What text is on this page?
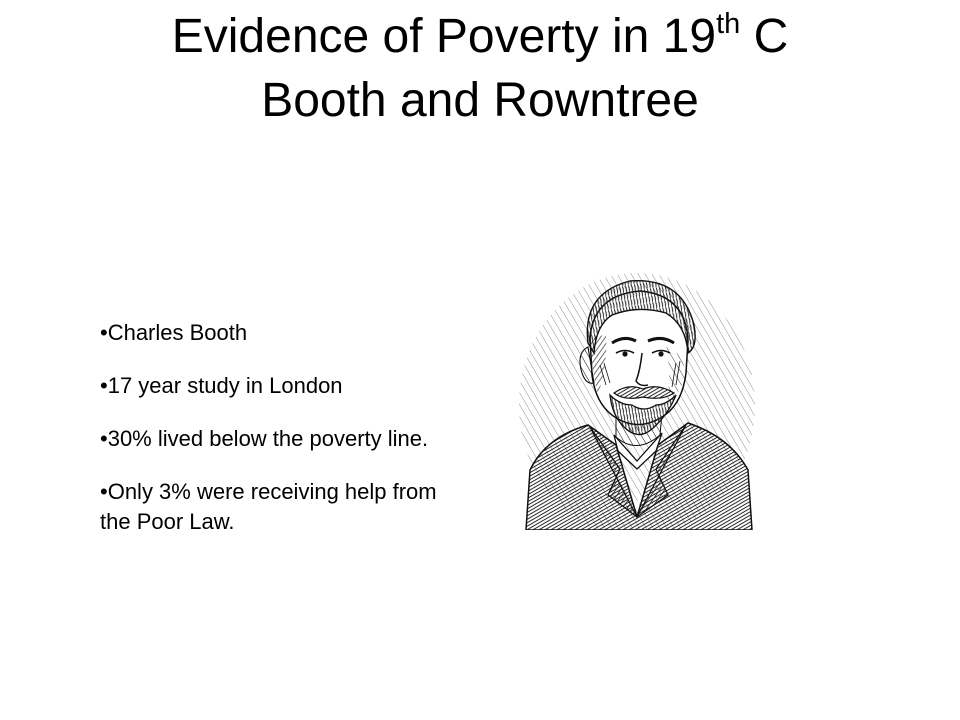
Evidence of Poverty in 19th C
Booth and Rowntree
• Charles Booth
• 17 year study in London
• 30% lived below the poverty line.
• Only 3% were receiving help from the Poor Law.
